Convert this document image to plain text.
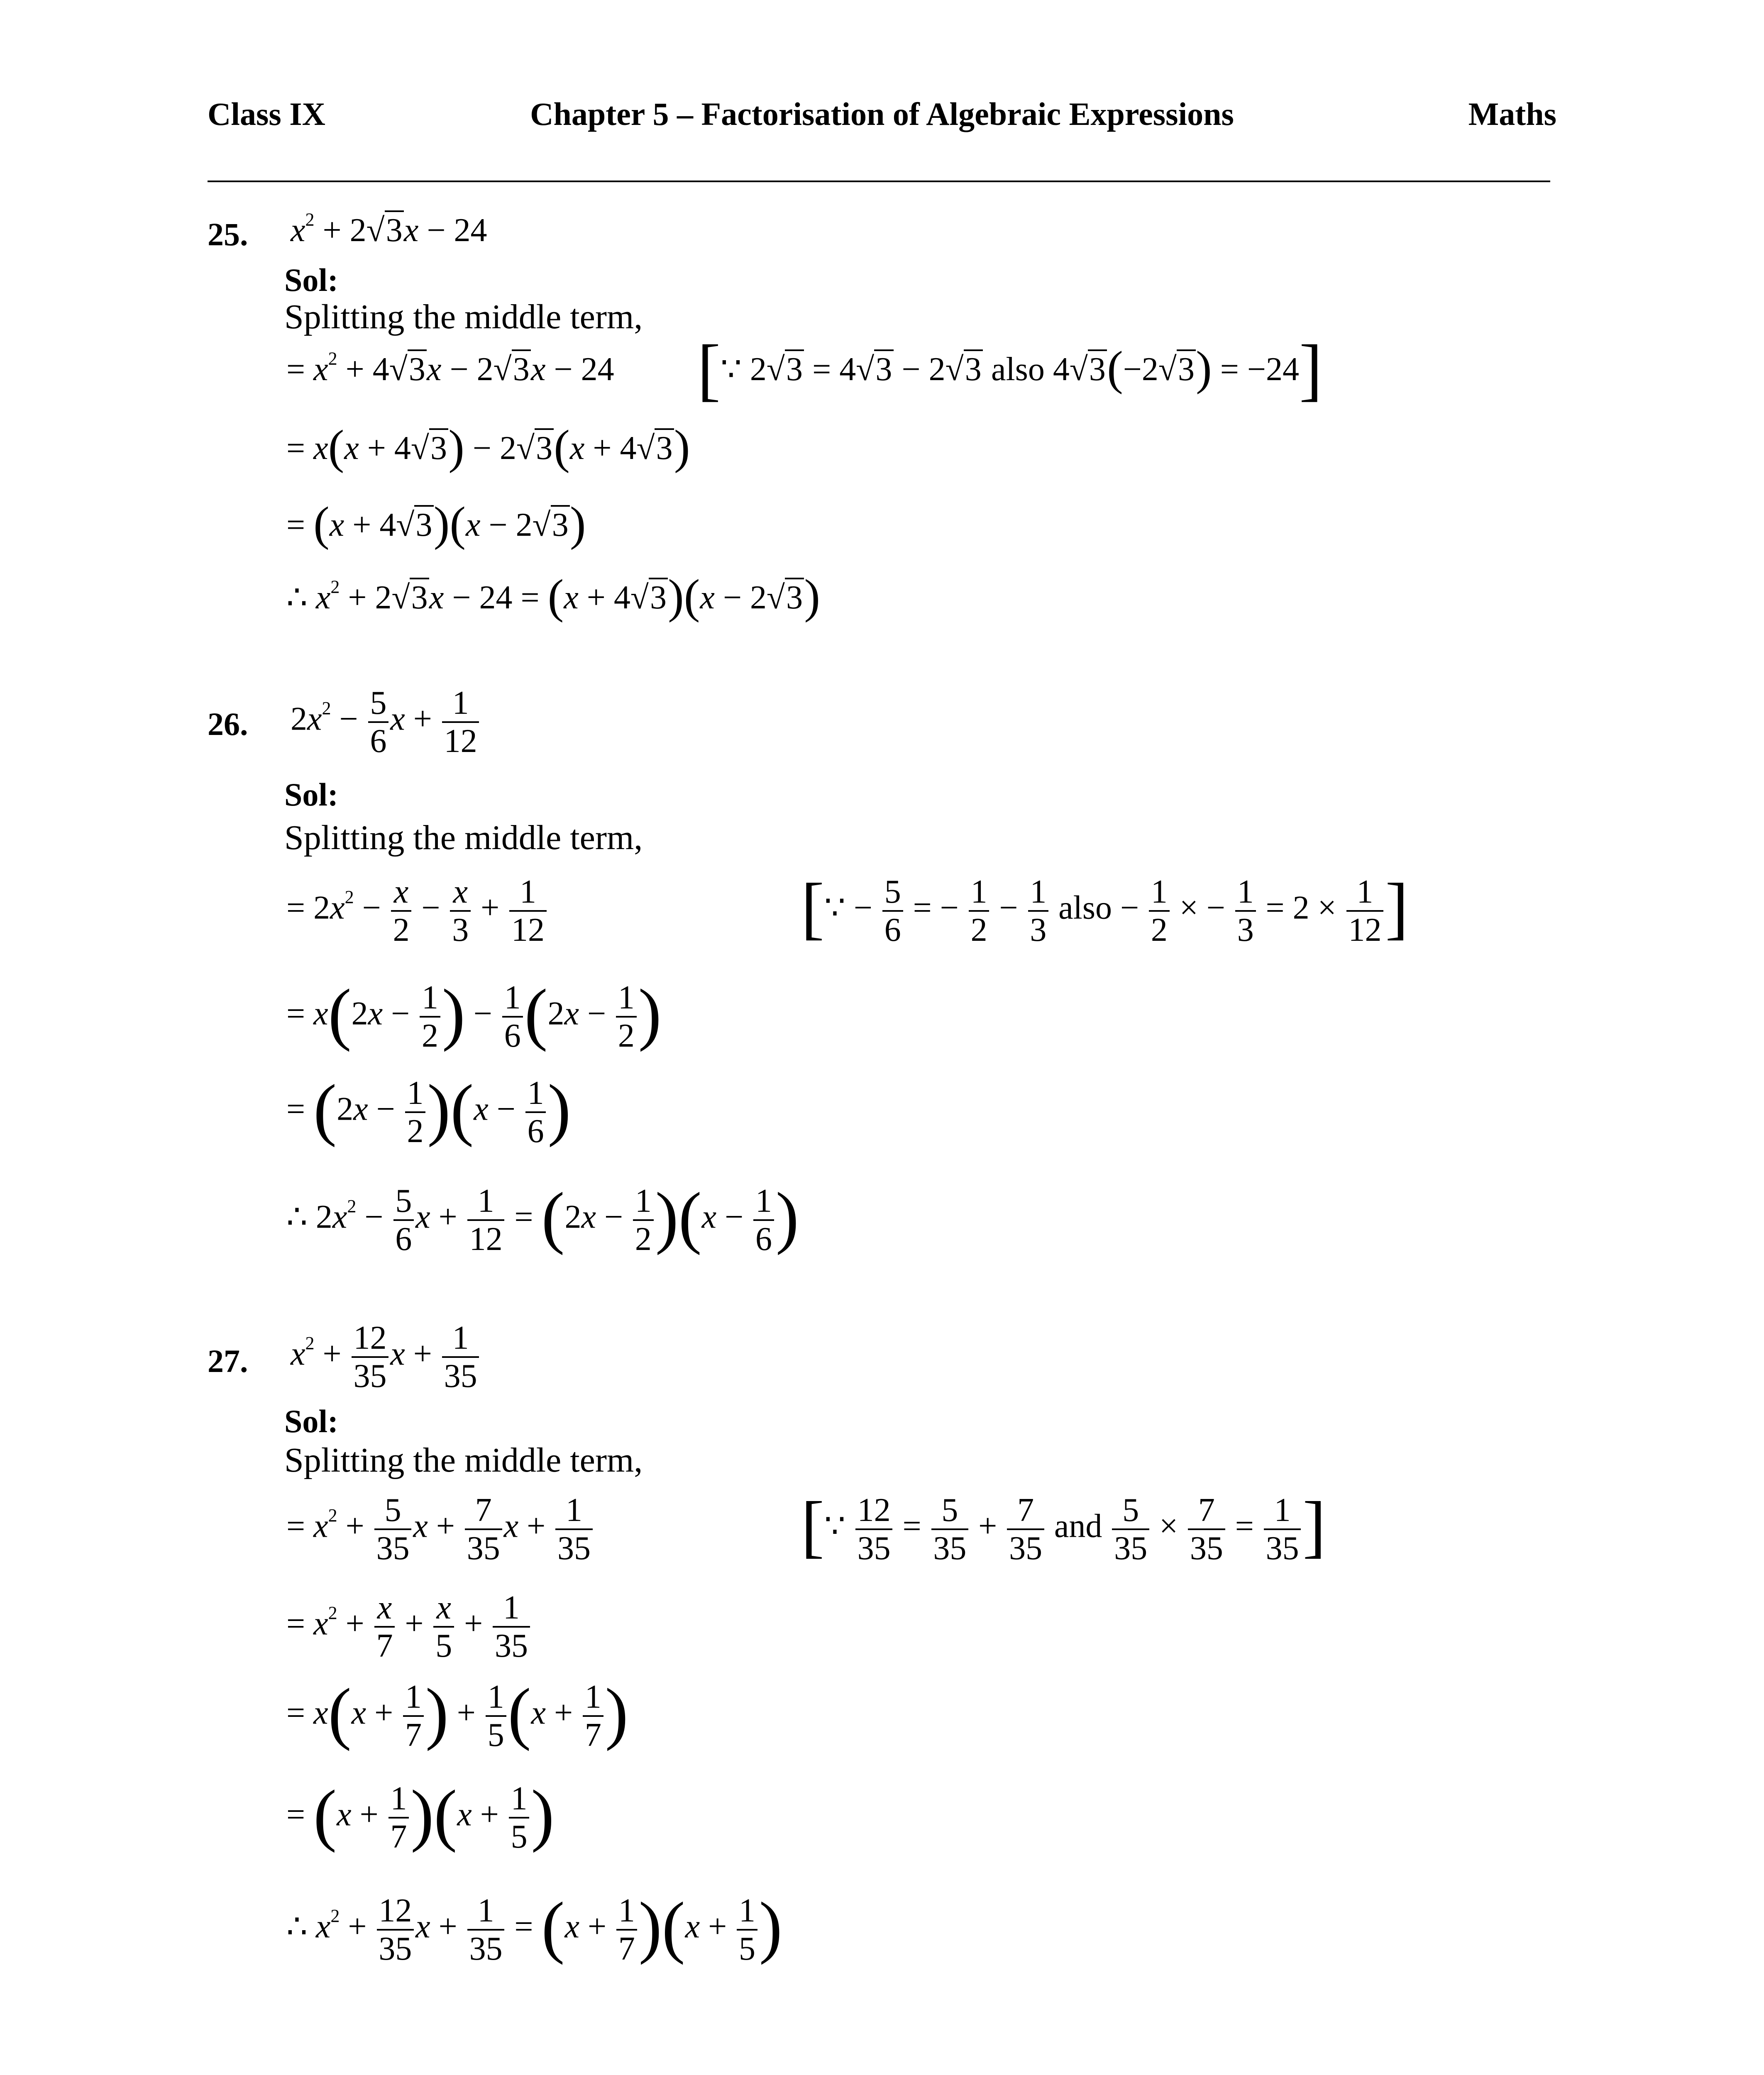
Class IX	Chapter 5 – Factorisation of Algebraic Expressions	Maths
25. $x^2 + 2√3x - 24$
Sol:
Splitting the middle term,
= $x^2 + 4√3x - 2√3x - 24$ [∵ 2√3 = 4√3 − 2√3 also 4√3(−2√3) = −24]
= x(x + 4√3) − 2√3(x + 4√3)
= (x + 4√3)(x − 2√3)
∴ $x^2 + 2√3x - 24 = (x + 4√3)(x - 2√3)$
26. $2x^2 - \frac{5}{6}$ $x + \frac{1}{12}$
Sol:
Splitting the middle term,
= $2x^2 - \frac{x}{2} - \frac{x}{3} + \frac{1}{12}$	[∵ − $\frac{5}{6}$ = − $\frac{1}{2} - \frac{1}{3}$ also − $\frac{1}{2}$ × − $\frac{1}{3} = 2 \times \frac{1}{12}$ ]
= $x(2x - \frac{1}{2}$ ) − $\frac{1}{6} (2x - \frac{1}{2}$ )
= $(2x - \frac{1}{2} )(x - \frac{1}{6}$ )
∴ $2x^2 - \frac{5}{6}$ $x + \frac{1}{12} = (2x - \frac{1}{2} )(x - \frac{1}{6}$ )
27. $x^2 + \frac{12}{35}$ $x + \frac{1}{35}$
Sol:
Splitting the middle term,
= $x^2 + \frac{5}{35}$ $x + \frac{7}{35}$ $x + \frac{1}{35}$	[∵ $\frac{12}{35} = \frac{5}{35} + \frac{7}{35}$ and $\frac{5}{35} \times \frac{7}{35} = \frac{1}{35}$ ]
= $x^2 + \frac{x}{7} + \frac{x}{5} + \frac{1}{35}$
= $x(x + \frac{1}{7}$ ) + $\frac{1}{5} (x + \frac{1}{7}$ )
= $(x + \frac{1}{7} )(x + \frac{1}{5}$ )
∴ $x^2 + \frac{12}{35}$ $x + \frac{1}{35} = (x + \frac{1}{7} )(x + \frac{1}{5}$ )
